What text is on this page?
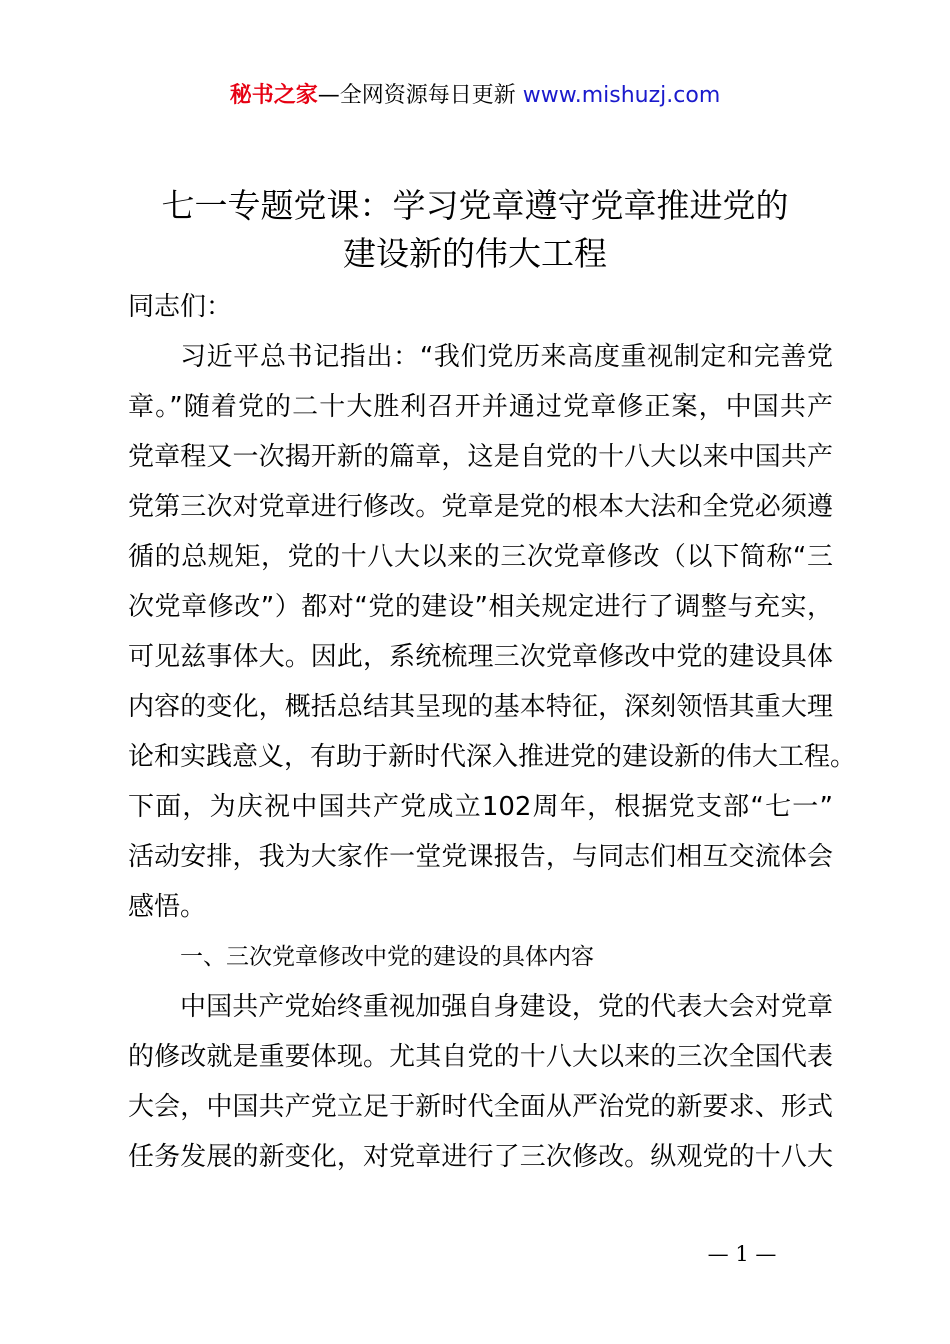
秘书之家—全网资源每日更新 www.mishuzj.com
七一专题党课：学习党章遵守党章推进党的
建设新的伟大工程
同志们：
习近平总书记指出：“我们党历来高度重视制定和完善党
章。”随着党的二十大胜利召开并通过党章修正案，中国共产
党章程又一次揭开新的篇章，这是自党的十八大以来中国共产
党第三次对党章进行修改。党章是党的根本大法和全党必须遵
循的总规矩，党的十八大以来的三次党章修改（以下简称“三
次党章修改”）都对“党的建设”相关规定进行了调整与充实，
可见兹事体大。因此，系统梳理三次党章修改中党的建设具体
内容的变化，概括总结其呈现的基本特征，深刻领悟其重大理
论和实践意义，有助于新时代深入推进党的建设新的伟大工程。
下面，为庆祝中国共产党成立102周年，根据党支部“七一”
活动安排，我为大家作一堂党课报告，与同志们相互交流体会
感悟。
一、三次党章修改中党的建设的具体内容
中国共产党始终重视加强自身建设，党的代表大会对党章
的修改就是重要体现。尤其自党的十八大以来的三次全国代表
大会，中国共产党立足于新时代全面从严治党的新要求、形式
任务发展的新变化，对党章进行了三次修改。纵观党的十八大
— 1 —
